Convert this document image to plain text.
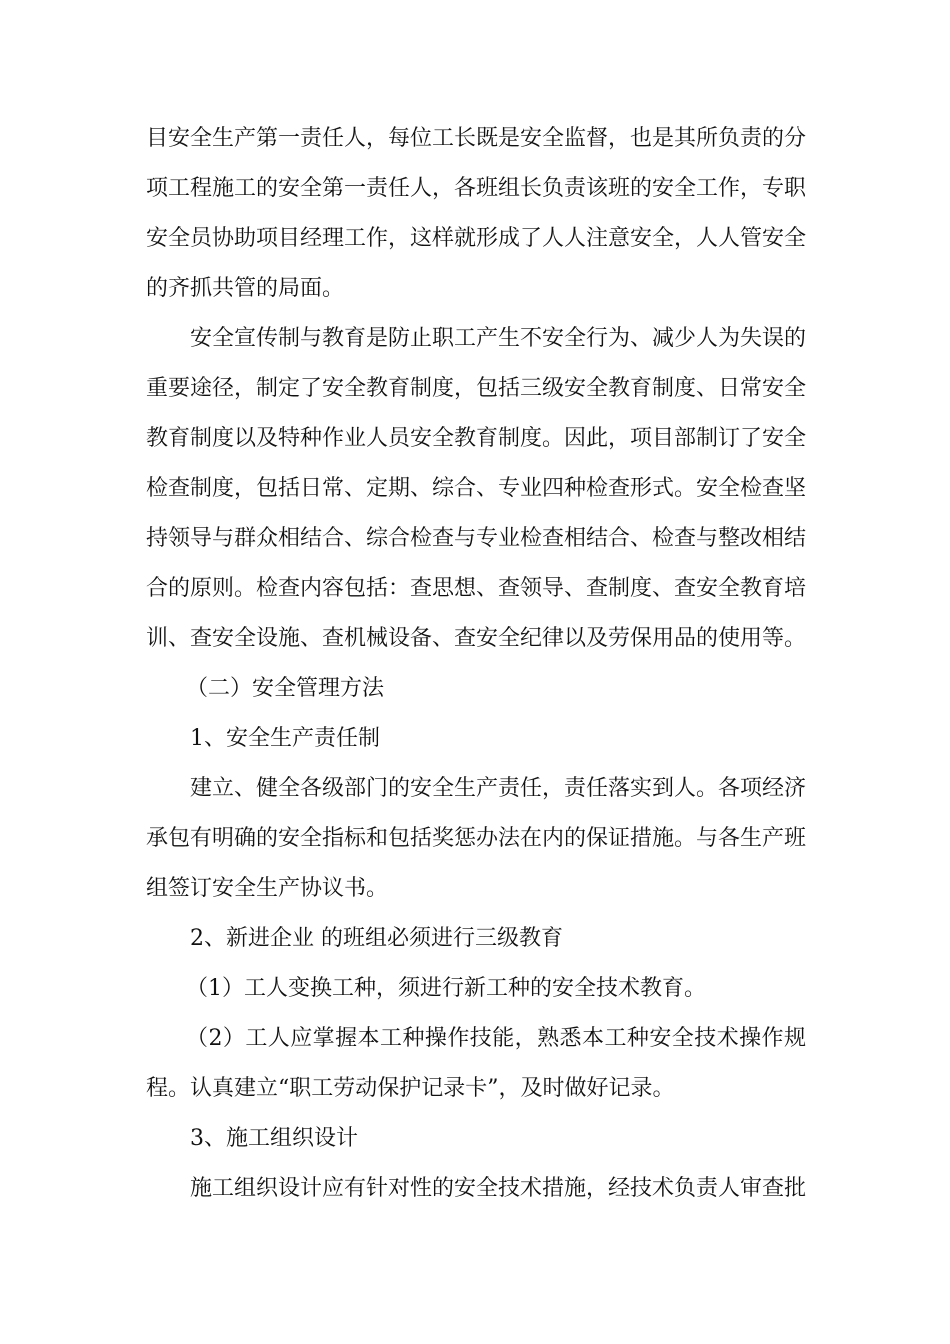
目安全生产第一责任人，每位工长既是安全监督，也是其所负责的分
项工程施工的安全第一责任人，各班组长负责该班的安全工作，专职
安全员协助项目经理工作，这样就形成了人人注意安全，人人管安全
的齐抓共管的局面。
安全宣传制与教育是防止职工产生不安全行为、减少人为失误的
重要途径，制定了安全教育制度，包括三级安全教育制度、日常安全
教育制度以及特种作业人员安全教育制度。因此，项目部制订了安全
检查制度，包括日常、定期、综合、专业四种检查形式。安全检查坚
持领导与群众相结合、综合检查与专业检查相结合、检查与整改相结
合的原则。检查内容包括：查思想、查领导、查制度、查安全教育培
训、查安全设施、查机械设备、查安全纪律以及劳保用品的使用等。
（二）安全管理方法
1、安全生产责任制
建立、健全各级部门的安全生产责任，责任落实到人。各项经济
承包有明确的安全指标和包括奖惩办法在内的保证措施。与各生产班
组签订安全生产协议书。
2、新进企业 的班组必须进行三级教育
（1）工人变换工种，须进行新工种的安全技术教育。
（2）工人应掌握本工种操作技能，熟悉本工种安全技术操作规
程。认真建立“职工劳动保护记录卡”，及时做好记录。
3、施工组织设计
施工组织设计应有针对性的安全技术措施，经技术负责人审查批
